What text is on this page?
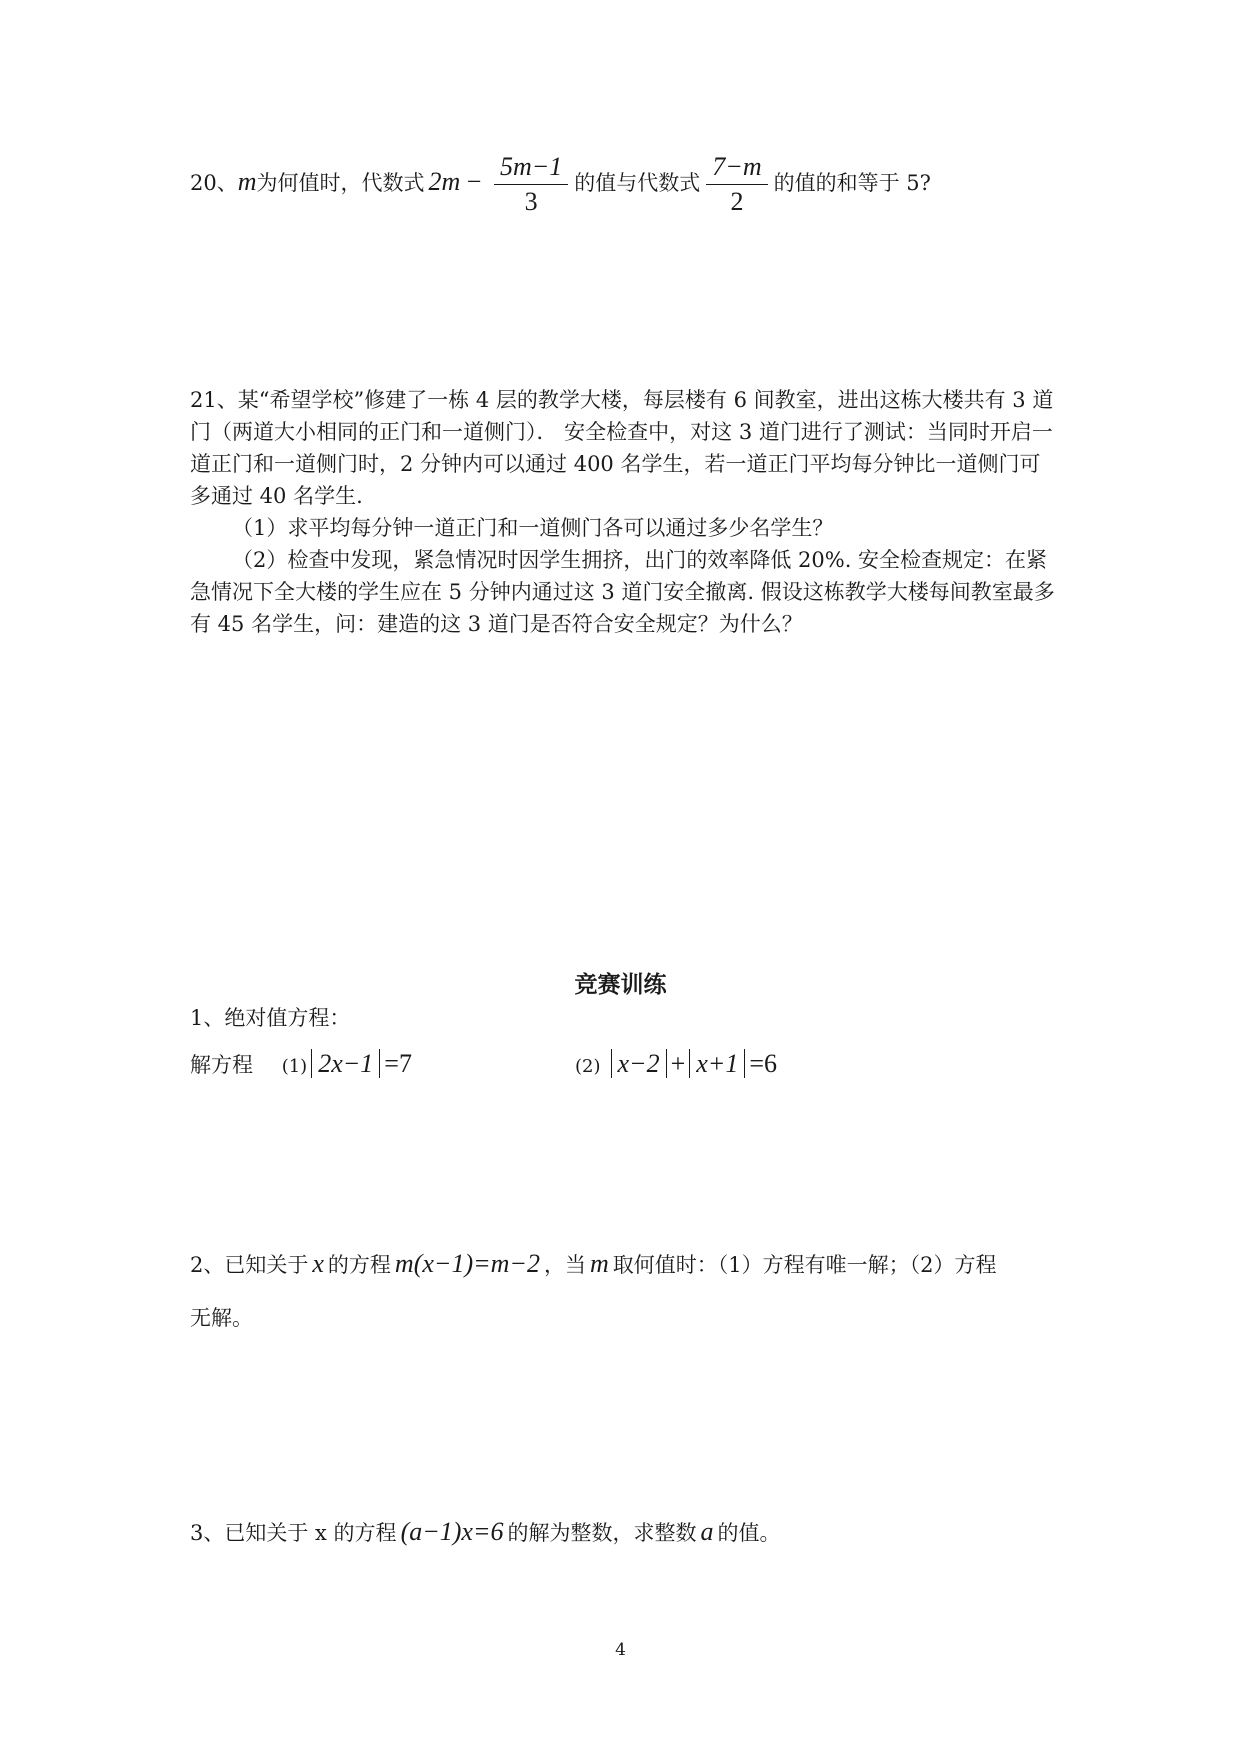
20、m为何值时，代数式 $2m - \frac{5m-1}{3}$ 的值与代数式 $\frac{7-m}{2}$ 的值的和等于 5?
21、某“希望学校”修建了一栋 4 层的教学大楼，每层楼有 6 间教室，进出这栋大楼共有 3 道门（两道大小相同的正门和一道侧门）． 安全检查中，对这 3 道门进行了测试：当同时开启一道正门和一道侧门时，2 分钟内可以通过 400 名学生，若一道正门平均每分钟比一道侧门可多通过 40 名学生.
（1）求平均每分钟一道正门和一道侧门各可以通过多少名学生？
（2）检查中发现，紧急情况时因学生拥挤，出门的效率降低 20%. 安全检查规定：在紧急情况下全大楼的学生应在 5 分钟内通过这 3 道门安全撤离. 假设这栋教学大楼每间教室最多有 45 名学生，问：建造的这 3 道门是否符合安全规定？为什么？
竞赛训练
1、绝对值方程：
解方程 (1) 2x−1 =7	(2) x−2 + x+1 =6
2、已知关于 x 的方程 m(x−1)=m−2 ，当 m 取何值时：（1）方程有唯一解；（2）方程
无解。
3、已知关于 x 的方程 (a−1)x=6 的解为整数，求整数 a 的值。
4
